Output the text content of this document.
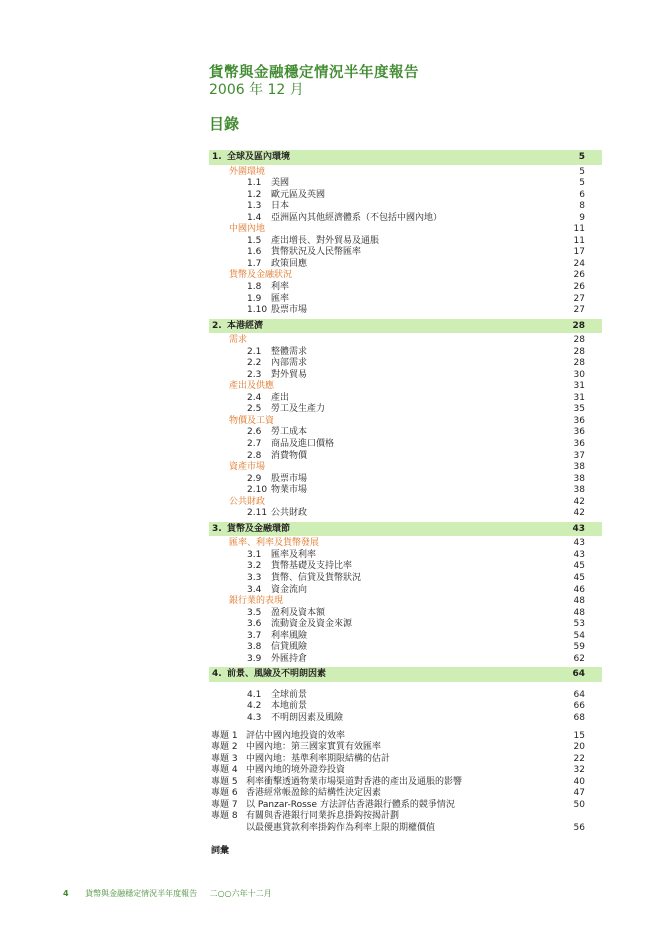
貨幣與金融穩定情況半年度報告
2006 年 12 月
目錄
1. 全球及區內環境	5
外圍環境	5
1.1 美國	5
1.2 歐元區及英國	6
1.3 日本	8
1.4 亞洲區內其他經濟體系（不包括中國內地）	9
中國內地	11
1.5 產出增長、對外貿易及通脹	11
1.6 貨幣狀況及人民幣匯率	17
1.7 政策回應	24
貨幣及金融狀況	26
1.8 利率	26
1.9 匯率	27
1.10 股票市場	27
2. 本港經濟	28
需求	28
2.1 整體需求	28
2.2 內部需求	28
2.3 對外貿易	30
產出及供應	31
2.4 產出	31
2.5 勞工及生產力	35
物價及工資	36
2.6 勞工成本	36
2.7 商品及進口價格	36
2.8 消費物價	37
資產市場	38
2.9 股票市場	38
2.10 物業市場	38
公共財政	42
2.11 公共財政	42
3. 貨幣及金融環節	43
匯率、利率及貨幣發展	43
3.1 匯率及利率	43
3.2 貨幣基礎及支持比率	45
3.3 貨幣、信貸及貨幣狀況	45
3.4 資金流向	46
銀行業的表現	48
3.5 盈利及資本額	48
3.6 流動資金及資金來源	53
3.7 利率風險	54
3.8 信貸風險	59
3.9 外匯持倉	62
4. 前景、風險及不明朗因素	64
4.1 全球前景	64
4.2 本地前景	66
4.3 不明朗因素及風險	68
專題 1 評估中國內地投資的效率	15
專題 2 中國內地：第三國家實質有效匯率	20
專題 3 中國內地：基準利率期限結構的估計	22
專題 4 中國內地的境外證券投資	32
專題 5 利率衝擊透過物業市場渠道對香港的產出及通脹的影響	40
專題 6 香港經常帳盈餘的結構性決定因素	47
專題 7 以 Panzar-Rosse 方法評估香港銀行體系的競爭情況	50
專題 8 有關與香港銀行同業拆息掛鈎按揭計劃
以最優惠貸款利率掛鈎作為利率上限的期權價值	56
詞彙
4 貨幣與金融穩定情況半年度報告 二○○六年十二月
